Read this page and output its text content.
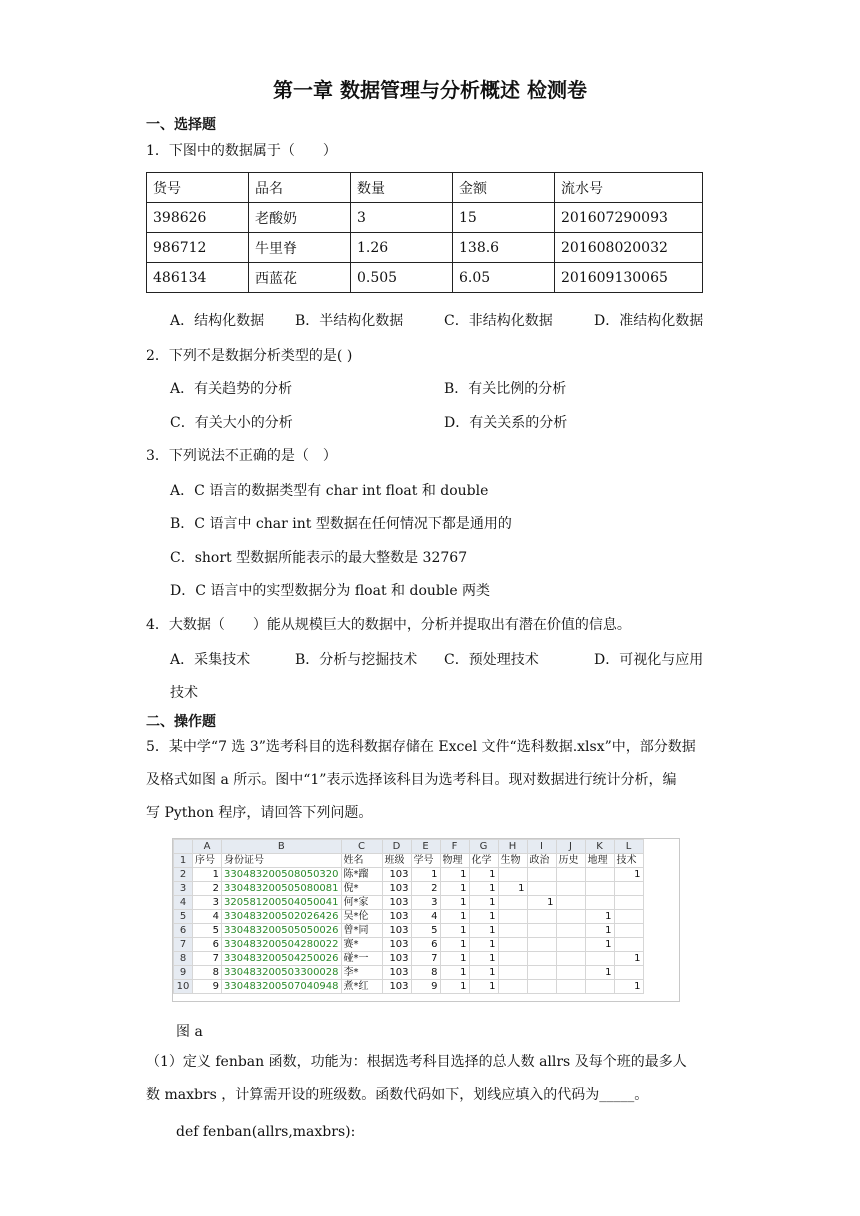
第一章 数据管理与分析概述 检测卷
一、选择题
1．下图中的数据属于（　　）
货号	品名	数量	金额	流水号
398626	老酸奶	3	15	201607290093
986712	牛里脊	1.26	138.6	201608020032
486134	西蓝花	0.505	6.05	201609130065
A．结构化数据 B．半结构化数据	C．非结构化数据	D．准结构化数据
2．下列不是数据分析类型的是( )
A．有关趋势的分析	B．有关比例的分析
C．有关大小的分析	D．有关关系的分析
3．下列说法不正确的是（　）
A．C 语言的数据类型有 char int float 和 double
B．C 语言中 char int 型数据在任何情况下都是通用的
C．short 型数据所能表示的最大整数是 32767
D．C 语言中的实型数据分为 float 和 double 两类
4．大数据（　　）能从规模巨大的数据中，分析并提取出有潜在价值的信息。
A．采集技术	B．分析与挖掘技术 C．预处理技术	D．可视化与应用
技术
二、操作题
5．某中学“7 选 3”选考科目的选科数据存储在 Excel 文件“选科数据.xlsx”中，部分数据
及格式如图 a 所示。图中“1”表示选择该科目为选考科目。现对数据进行统计分析，编
写 Python 程序，请回答下列问题。
	A	B	C	D	E	F	G	H	I	J	K	L
1	序号	身份证号	姓名	班级	学号	物理	化学	生物	政治	历史	地理	技术
2	1	330483200508050320	陈*蹓	103	1	1	1					1
3	2	330483200505080081	倪*	103	2	1	1	1				
4	3	320581200504050041	何*家	103	3	1	1		1			
5	4	330483200502026426	吴*伦	103	4	1	1				1	
6	5	330483200505050026	曾*同	103	5	1	1				1	
7	6	330483200504280022	赛*	103	6	1	1				1	
8	7	330483200504250026	碰*一	103	7	1	1					1
9	8	330483200503300028	李*	103	8	1	1				1	
10	9	330483200507040948	煮*红	103	9	1	1					1
图 a
（1）定义 fenban 函数，功能为：根据选考科目选择的总人数 allrs 及每个班的最多人
数 maxbrs ，计算需开设的班级数。函数代码如下，划线应填入的代码为_____。
def fenban(allrs,maxbrs):
